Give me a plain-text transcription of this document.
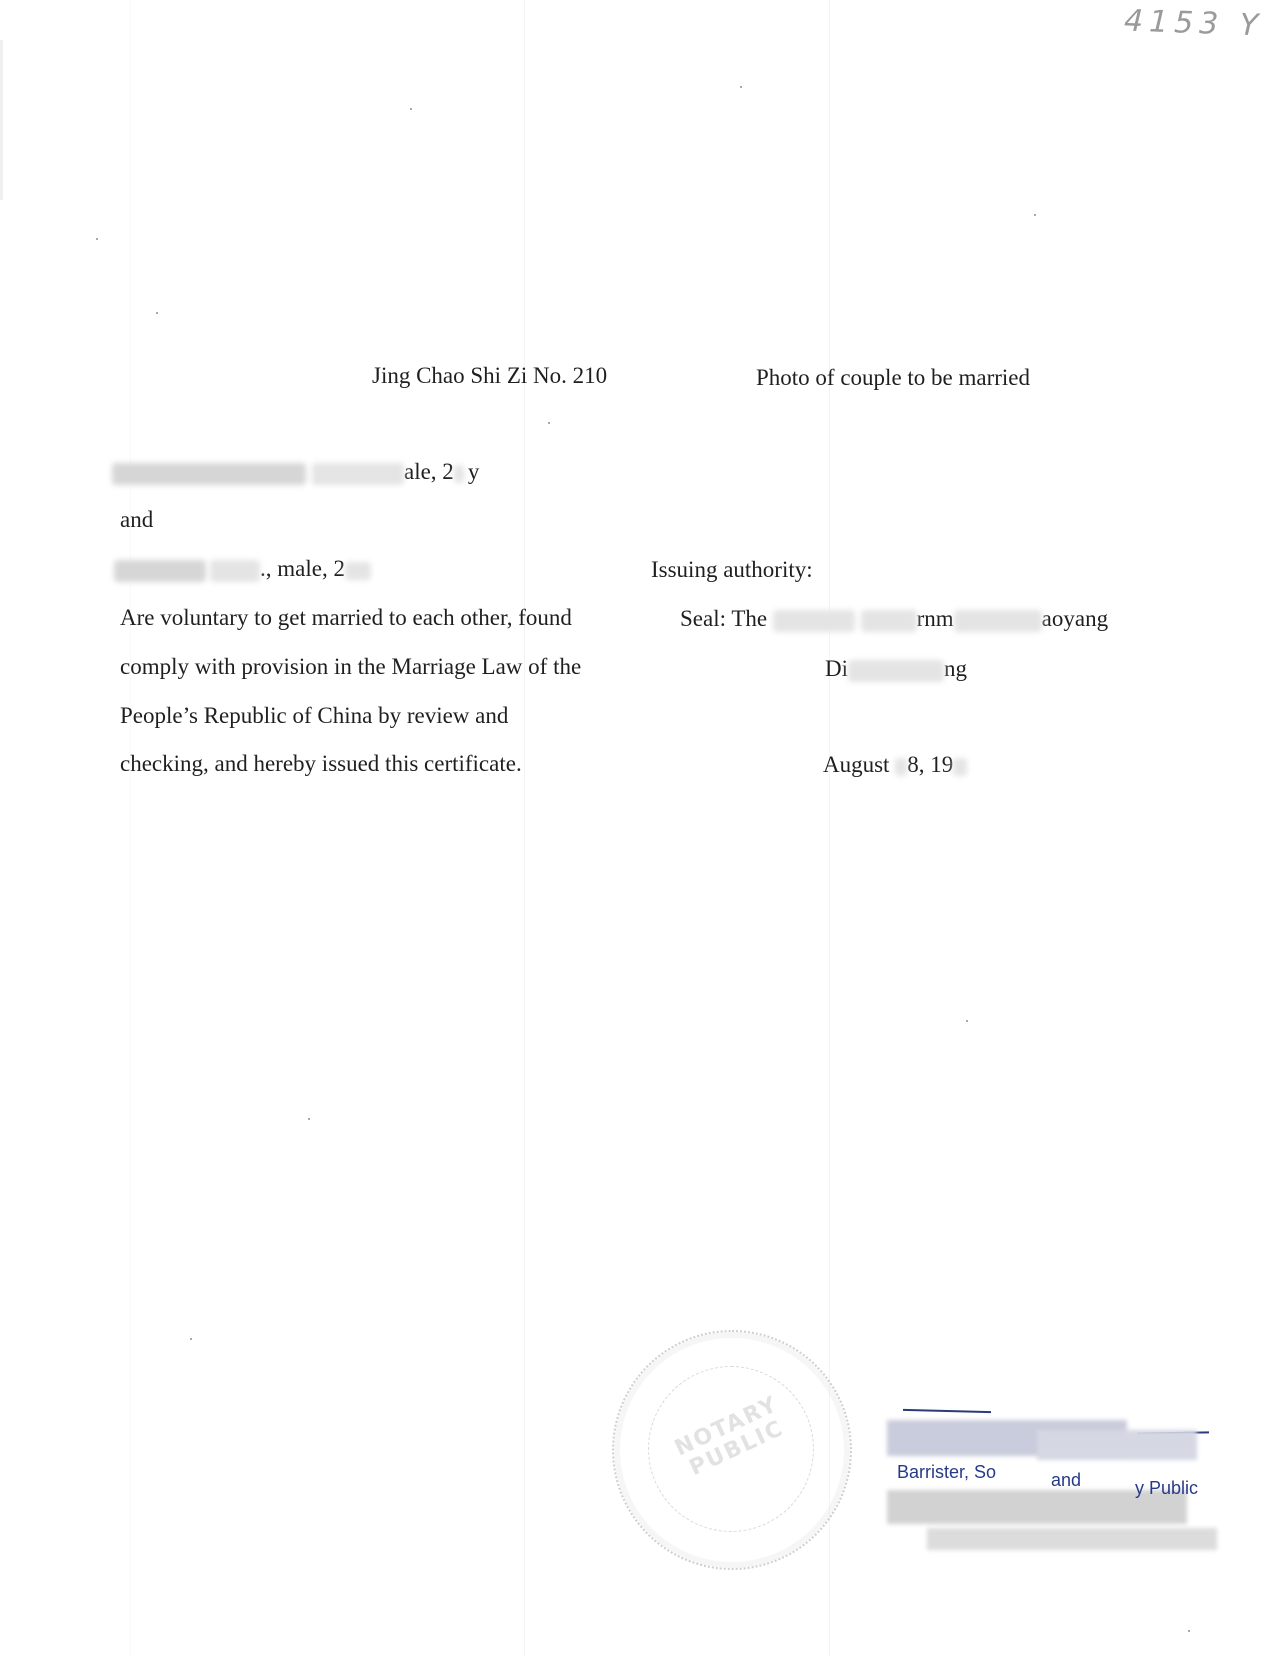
4153 Y
Jing Chao Shi Zi No. 210	Photo of couple to be married
ale, 2 y
and
., male, 2
Are voluntary to get married to each other, found
comply with provision in the Marriage Law of the
People’s Republic of China by review and
checking, and hereby issued this certificate.
Issuing authority:
Seal: The	rnm	aoyang
Di	ng
August 8, 19
NOTARY PUBLIC	Barrister, So	and	y Public
